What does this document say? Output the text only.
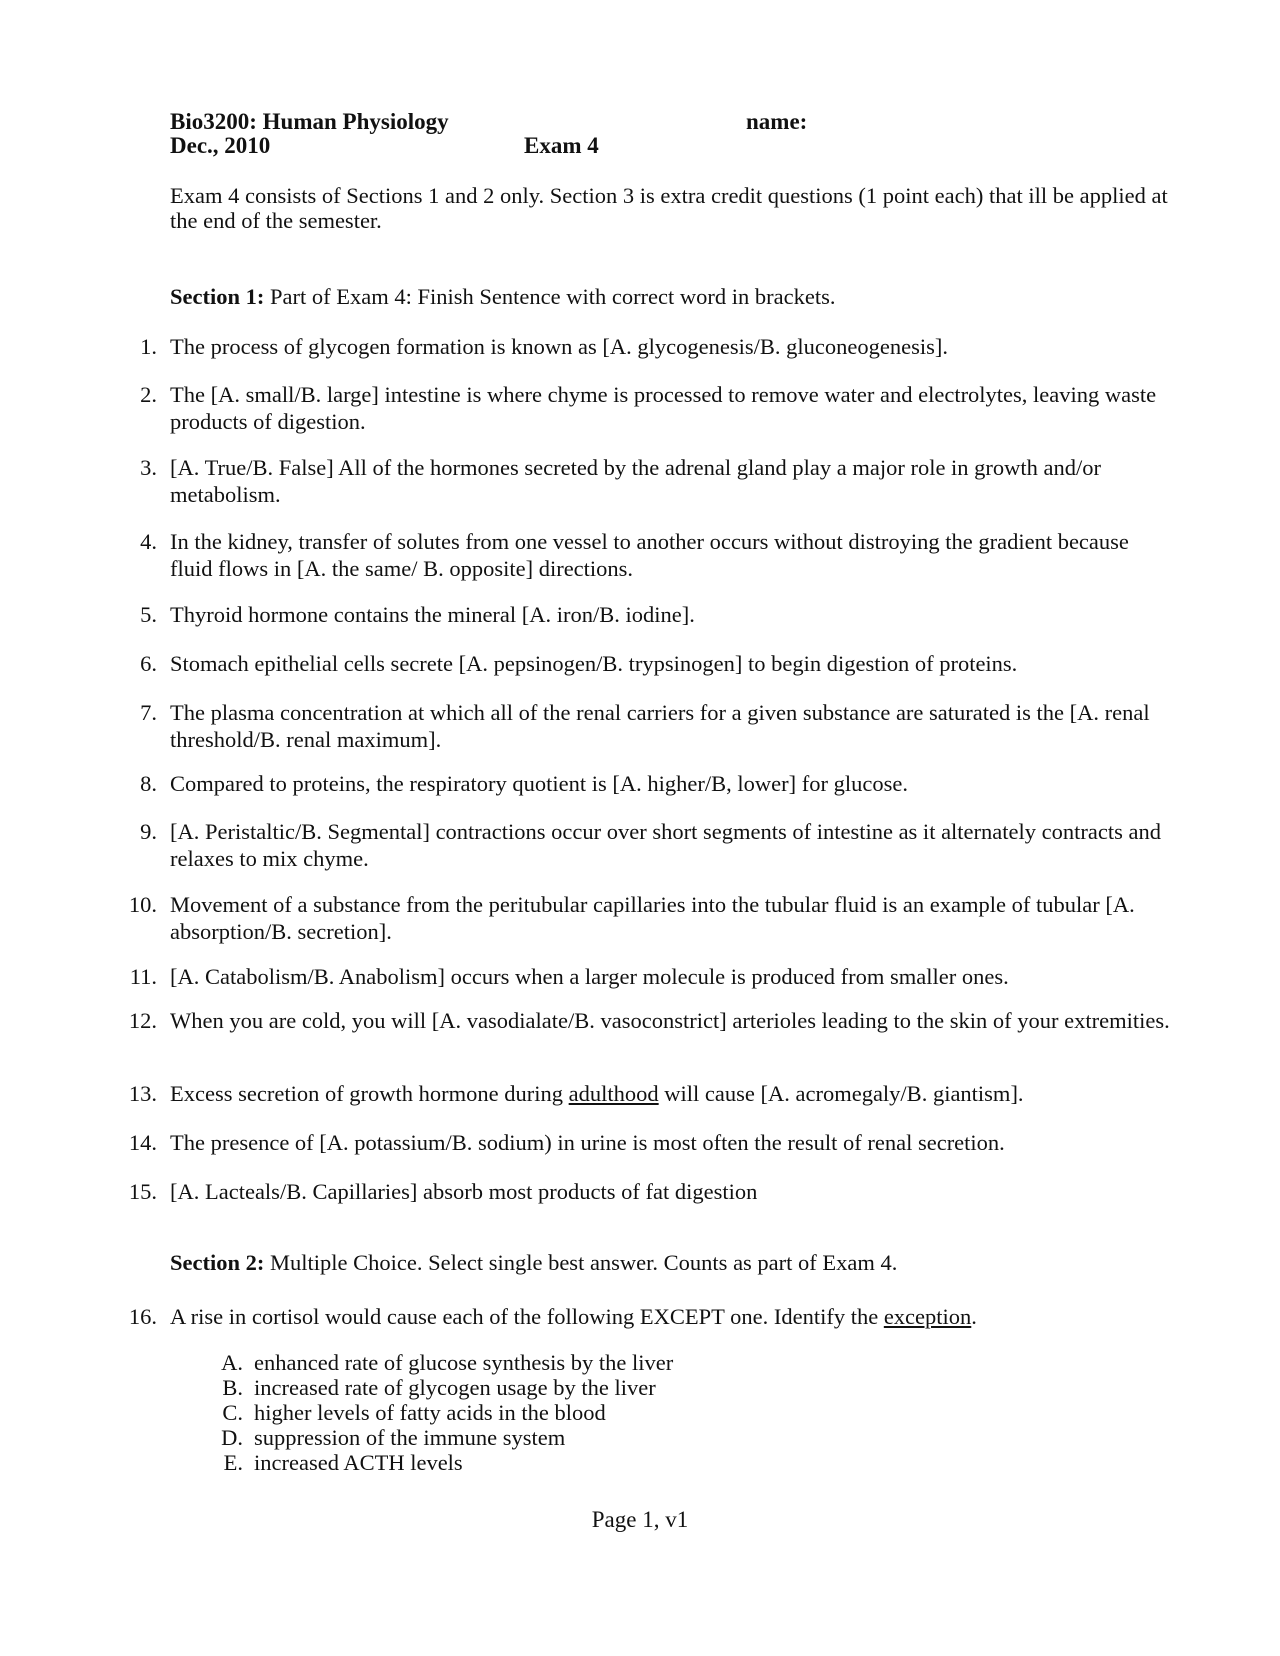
Bio3200: Human Physiology	name:
Dec., 2010	Exam 4
Exam 4 consists of Sections 1 and 2 only. Section 3 is extra credit questions (1 point each) that ill be applied at the end of the semester.
Section 1: Part of Exam 4: Finish Sentence with correct word in brackets.
1. The process of glycogen formation is known as [A. glycogenesis/B. gluconeogenesis].
2. The [A. small/B. large] intestine is where chyme is processed to remove water and electrolytes, leaving waste products of digestion.
3. [A. True/B. False] All of the hormones secreted by the adrenal gland play a major role in growth and/or metabolism.
4. In the kidney, transfer of solutes from one vessel to another occurs without distroying the gradient because fluid flows in [A. the same/ B. opposite] directions.
5. Thyroid hormone contains the mineral [A. iron/B. iodine].
6. Stomach epithelial cells secrete [A. pepsinogen/B. trypsinogen] to begin digestion of proteins.
7. The plasma concentration at which all of the renal carriers for a given substance are saturated is the [A. renal threshold/B. renal maximum].
8. Compared to proteins, the respiratory quotient is [A. higher/B, lower] for glucose.
9. [A. Peristaltic/B. Segmental] contractions occur over short segments of intestine as it alternately contracts and relaxes to mix chyme.
10. Movement of a substance from the peritubular capillaries into the tubular fluid is an example of tubular [A. absorption/B. secretion].
11. [A. Catabolism/B. Anabolism] occurs when a larger molecule is produced from smaller ones.
12. When you are cold, you will [A. vasodialate/B. vasoconstrict] arterioles leading to the skin of your extremities.
13. Excess secretion of growth hormone during adulthood will cause [A. acromegaly/B. giantism].
14. The presence of [A. potassium/B. sodium) in urine is most often the result of renal secretion.
15. [A. Lacteals/B. Capillaries] absorb most products of fat digestion
Section 2: Multiple Choice. Select single best answer. Counts as part of Exam 4.
16. A rise in cortisol would cause each of the following EXCEPT one. Identify the exception.
A. enhanced rate of glucose synthesis by the liver
B. increased rate of glycogen usage by the liver
C. higher levels of fatty acids in the blood
D. suppression of the immune system
E. increased ACTH levels
Page 1, v1
